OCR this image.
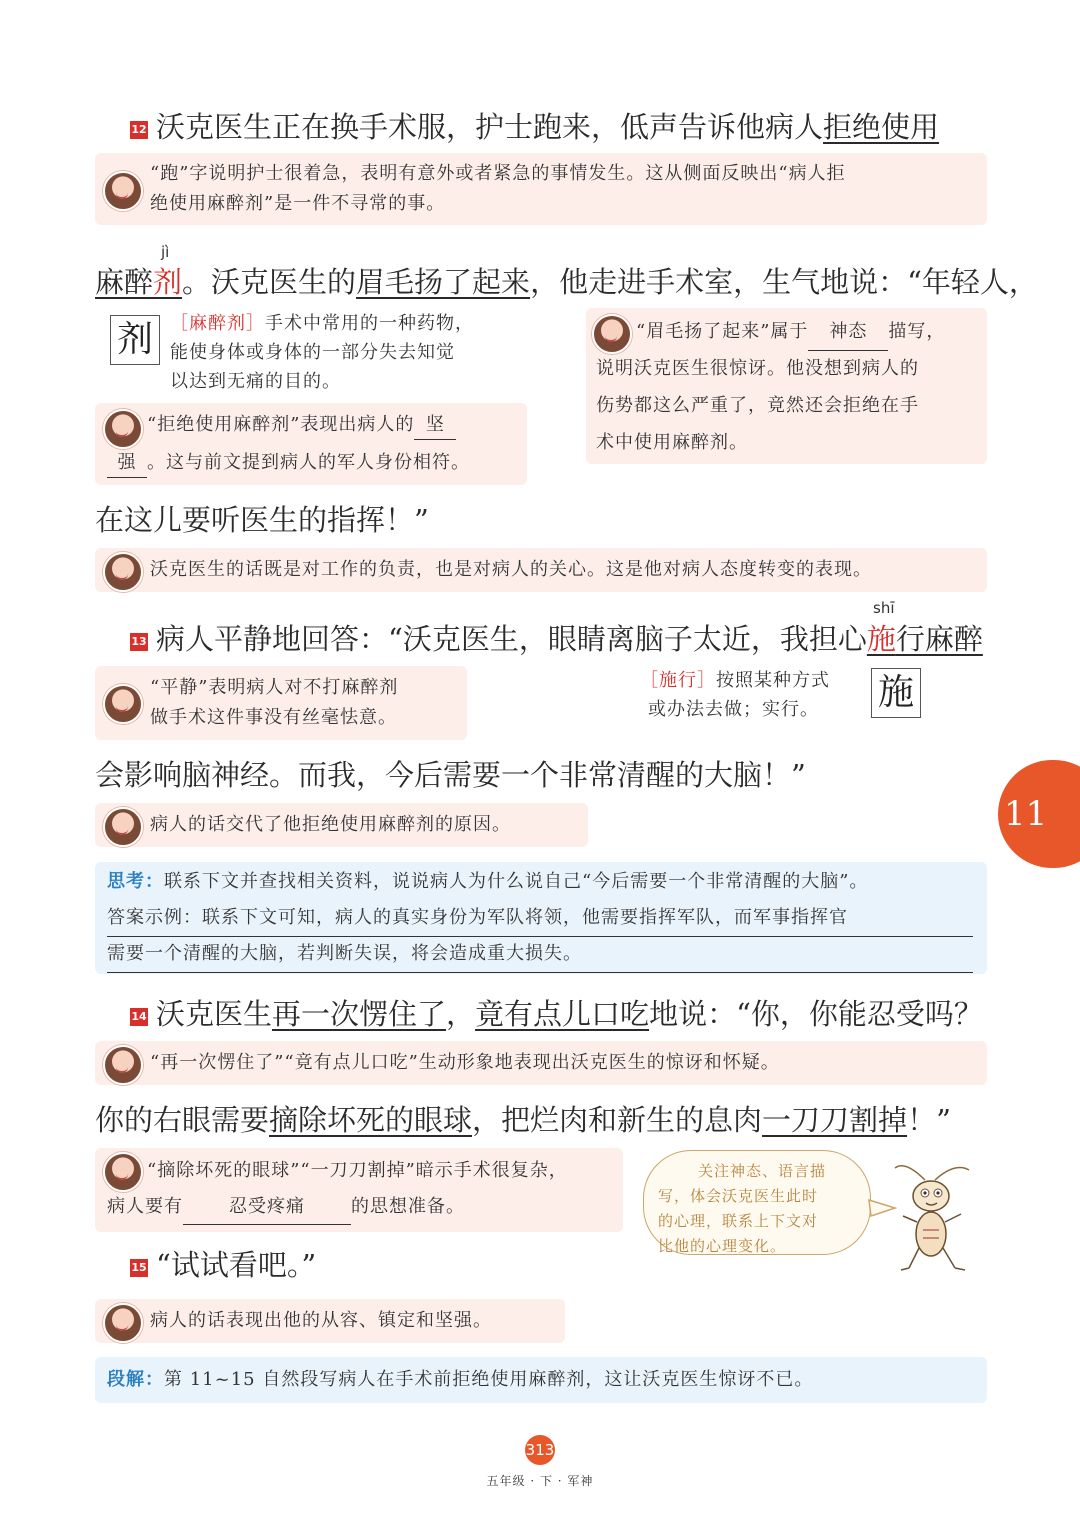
12 沃克医生正在换手术服，护士跑来，低声告诉他病人拒绝使用
“跑”字说明护士很着急，表明有意外或者紧急的事情发生。这从侧面反映出“病人拒
绝使用麻醉剂”是一件不寻常的事。
jì
麻醉剂。沃克医生的眉毛扬了起来，他走进手术室，生气地说：“年轻人，
剂 ［麻醉剂］手术中常用的一种药物，
能使身体或身体的一部分失去知觉
以达到无痛的目的。
“拒绝使用麻醉剂”表现出病人的 坚
强 。这与前文提到病人的军人身份相符。
“眉毛扬了起来”属于 神态 描写，
说明沃克医生很惊讶。他没想到病人的
伤势都这么严重了，竟然还会拒绝在手
术中使用麻醉剂。
在这儿要听医生的指挥！”
沃克医生的话既是对工作的负责，也是对病人的关心。这是他对病人态度转变的表现。
shī
13 病人平静地回答：“沃克医生，眼睛离脑子太近，我担心施行麻醉
“平静”表明病人对不打麻醉剂
做手术这件事没有丝毫怯意。
［施行］按照某种方式
或办法去做；实行。	施
会影响脑神经。而我，今后需要一个非常清醒的大脑！”
病人的话交代了他拒绝使用麻醉剂的原因。	11
思考：联系下文并查找相关资料，说说病人为什么说自己“今后需要一个非常清醒的大脑”。
答案示例：联系下文可知，病人的真实身份为军队将领，他需要指挥军队，而军事指挥官
需要一个清醒的大脑，若判断失误，将会造成重大损失。
14 沃克医生再一次愣住了，竟有点儿口吃地说：“你，你能忍受吗？
“再一次愣住了”“竟有点儿口吃”生动形象地表现出沃克医生的惊讶和怀疑。
你的右眼需要摘除坏死的眼球，把烂肉和新生的息肉一刀刀割掉！”
“摘除坏死的眼球”“一刀刀割掉”暗示手术很复杂，
病人要有	忍受疼痛	的思想准备。
关注神态、语言描
写，体会沃克医生此时
的心理，联系上下文对
比他的心理变化。
15 “试试看吧。”
病人的话表现出他的从容、镇定和坚强。
段解：第 11~15 自然段写病人在手术前拒绝使用麻醉剂，这让沃克医生惊讶不已。
313
五年级 · 下 · 军神
